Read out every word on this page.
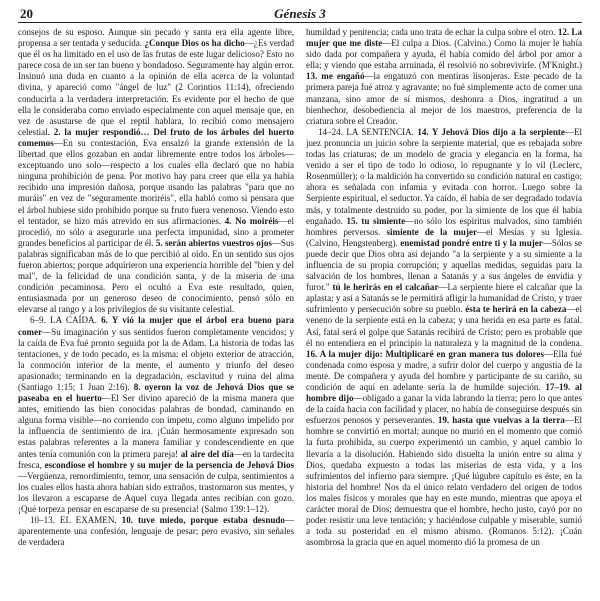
20	Génesis 3

consejos de su esposo. Aunque sin pecado y santa era ella agente libre, propensa a ser tentada y seducida. ¿Conque Dios os ha dicho—¿Es verdad que él os ha limitado en el uso de las frutas de este lugar delicioso? Esto no parece cosa de un ser tan bueno y bondadoso. Seguramente hay algún error. Insinuó una duda en cuanto a la opinión de ella acerca de la voluntad divina, y apareció como "ángel de luz" (2 Corintios 11:14), ofreciendo conducirla a la verdadera interpretación. Es evidente por el hecho de que ella le consideraba como enviado especialmente con aquel mensaje que, en vez de asustarse de que el reptil hablara, lo recibió como mensajero celestial. 2. la mujer respondió… Del fruto de los árboles del huerto comemos—En su contestación, Eva ensalzó la grande extensión de la libertad que ellos gozaban en andar libremente entre todos los árboles—exceptuando uno solo—respecto a los cuales ella declaró que no había ninguna prohibición de pena. Por motivo hay para creer que ella ya había recibido una impresión dañosa, porque usando las palabras "para que no muráis" en vez de "seguramente moriréis", ella habló como si pensara que el árbol hubiese sido prohibido porque su fruto fuera venenoso. Viendo esto el tentador, se hizo más atrevido en sus afirmaciones. 4. No moiréis—el procedió, no sólo a asegurarle una perfecta impunidad, sino a prometer grandes beneficios al participar de él. 5. serán abiertos vuestros ojos—Sus palabras significaban más de lo que percibió al oído. En un sentido sus ojos fueron abiertos; porque adquirieron una experiencia horrible del "bien y del mal", de la felicidad de una condición santa, y de la miseria de una condición pecaminosa. Pero el ocultó a Eva este resultado, quien, entusiasmada por un generoso deseo de conocimiento, pensó sólo en elevarse al rango y a los privilegios de su visitante celestial.

6–9. LA CAÍDA. 6. Y vió la mujer que el árbol era bueno para comer—Su imaginación y sus sentidos fueron completamente vencidos; y la caída de Eva fué pronto seguida por la de Adam. La historia de todas las tentaciones, y de todo pecado, es la misma: el objeto exterior de atracción, la conmoción interior de la mente, el aumento y triunfo del deseo apasionado; terminando en la degradación, esclavitud y ruina del alma (Santiago 1:15; 1 Juan 2:16). 8. oyeron la voz de Jehová Dios que se paseaba en el huerto—El Ser divino apareció de la misma manera que antes, emitiendo las bien conocidas palabras de bondad, caminando en alguna forma visible—no corriendo con ímpetu, como alguno impelido por la influencia de sentimiento de ira. ¡Cuán hermosamente expresado son estas palabras referentes a la manera familiar y condescendiente en que antes tenía comunión con la primera pareja! al aire del día—en la tardecita fresca, escondiose el hombre y su mujer de la persencia de Jehová Dios—Vergüenza, remordimiento, temor, una sensación de culpa, sentimientos a los cuales ellos hasta ahora habían sido extraños, trastornaron sus mentes, y los llevaron a escaparse de Aquel cuya llegada antes recibían con gozo. ¡Qué torpeza pensar en escaparse de su presencia! (Salmo 139:1–12).

10–13. EL EXAMEN. 10. tuve miedo, porque estaba desnudo—aparentemente una confesión, lenguaje de pesar; pero evasivo, sin señales de verdadera

humildad y penitencia; cada uno trata de echar la culpa sobre el otro. 12. La mujer que me diste—El culpa a Dios. (Calvino.) Como la mujer le había sido dada por compañera y ayuda, él había comido del árbol por amor a ella; y viendo que estaba arruinada, él resolvió no sobrevivirle. (M'Knight.) 13. me engañó—la engatuzó con mentiras lisonjeras. Este pecado de la primera pareja fué atroz y agravante; no fué simplemente acto de comer una manzana, sino amor de sí mismos, deshonra a Dios, ingratitud a un bienhechor, desobediencia al mejor de los maestros, preferencia de la criatura sobre el Creador.

14–24. LA SENTENCIA. 14. Y Jehová Dios dijo a la serpiente—El juez pronuncia un juicio sobre la serpiente material, que es rebajada sobre todas las criaturas; de un modelo de gracia y elegancia en la forma, ha venido a ser el tipo de todo lo odioso, lo repugnante y lo vil (Leclerc, Rosenmüller); o la maldición ha convertido su condición natural en castigo; ahora es señalada con infamia y evitada con horror. Luego sobre la Serpiente espiritual, el seductor. Ya caído, él había de ser degradado todavía más, y totalmente destruido su poder, por la simiente de los que él había engañado. 15. tu simiente—no sólo los espíritus malvados, sino también hombres perversos. simiente de la mujer—el Mesías y su Iglesia. (Calvino, Hengstenberg). enemistad pondré entre ti y la mujer—Sólos se puede decir que Dios obra así dejando "a la serpiente y a su simiente a la influencia de su propia corrupción; y aquellas medidas, seguidas para la salvación de los hombres, llenan a Satanás y a sus ángeles de envidia y furor." tú le herirás en el calcañar—La serpiente hiere el calcañar que la aplasta; y así a Satanás se le permitirá afligir la humanidad de Cristo, y traer sufrimiento y persecución sobre su pueblo. ésta te herirá en la cabeza—el veneno de la serpiente está en la cabeza; y una herida en esa parte es fatal. Así, fatal será el golpe que Satanás recibirá de Cristo; pero es probable que él no entendiera en el principio la naturaleza y la magnitud de la condena. 16. A la mujer dijo: Multiplicaré en gran manera tus dolores—Ella fué condenada como esposa y madre, a sufrir dolor del cuerpo y angustia de la mente. De compañera y ayuda del hombre y participante de su cariño, su condición de aquí en adelante sería la de humilde sujeción. 17–19. al hombre dijo—obligado a ganar la vida labrando la tierra; pero lo que antes de la caída hacia con facilidad y placer, no había de conseguirse después sin esfuerzos penosos y perseverantes. 19. hasta que vuelvas a la tierra—El hombre se convirtió en mortal; aunque no murió en el momento que comió la furta prohibida, su cuerpo experimentó un cambio, y aquel cambio lo llevaría a la disolución. Habiendo sido disuelta la unión entre su alma y Dios, quedaba expuesto a todas las miserias de esta vida, y a los sufrimientos del infierno para siempre. ¡Qué lúgubre capítulo es éste, en la historia del hombre! Nos da el único relato verdadero del origen de todos los males físicos y morales que hay en este mundo, mientras que apoya el carácter moral de Dios; demuestra que el hombre, hecho justo, cayó por no poder resistir una leve tentación; y haciéndose culpable y miserable, sumió a toda su posteridad en el mismo abismo. (Romanos 5:12). ¡Cuán asombrosa la gracia que en aquel momento dió la promesa de un
